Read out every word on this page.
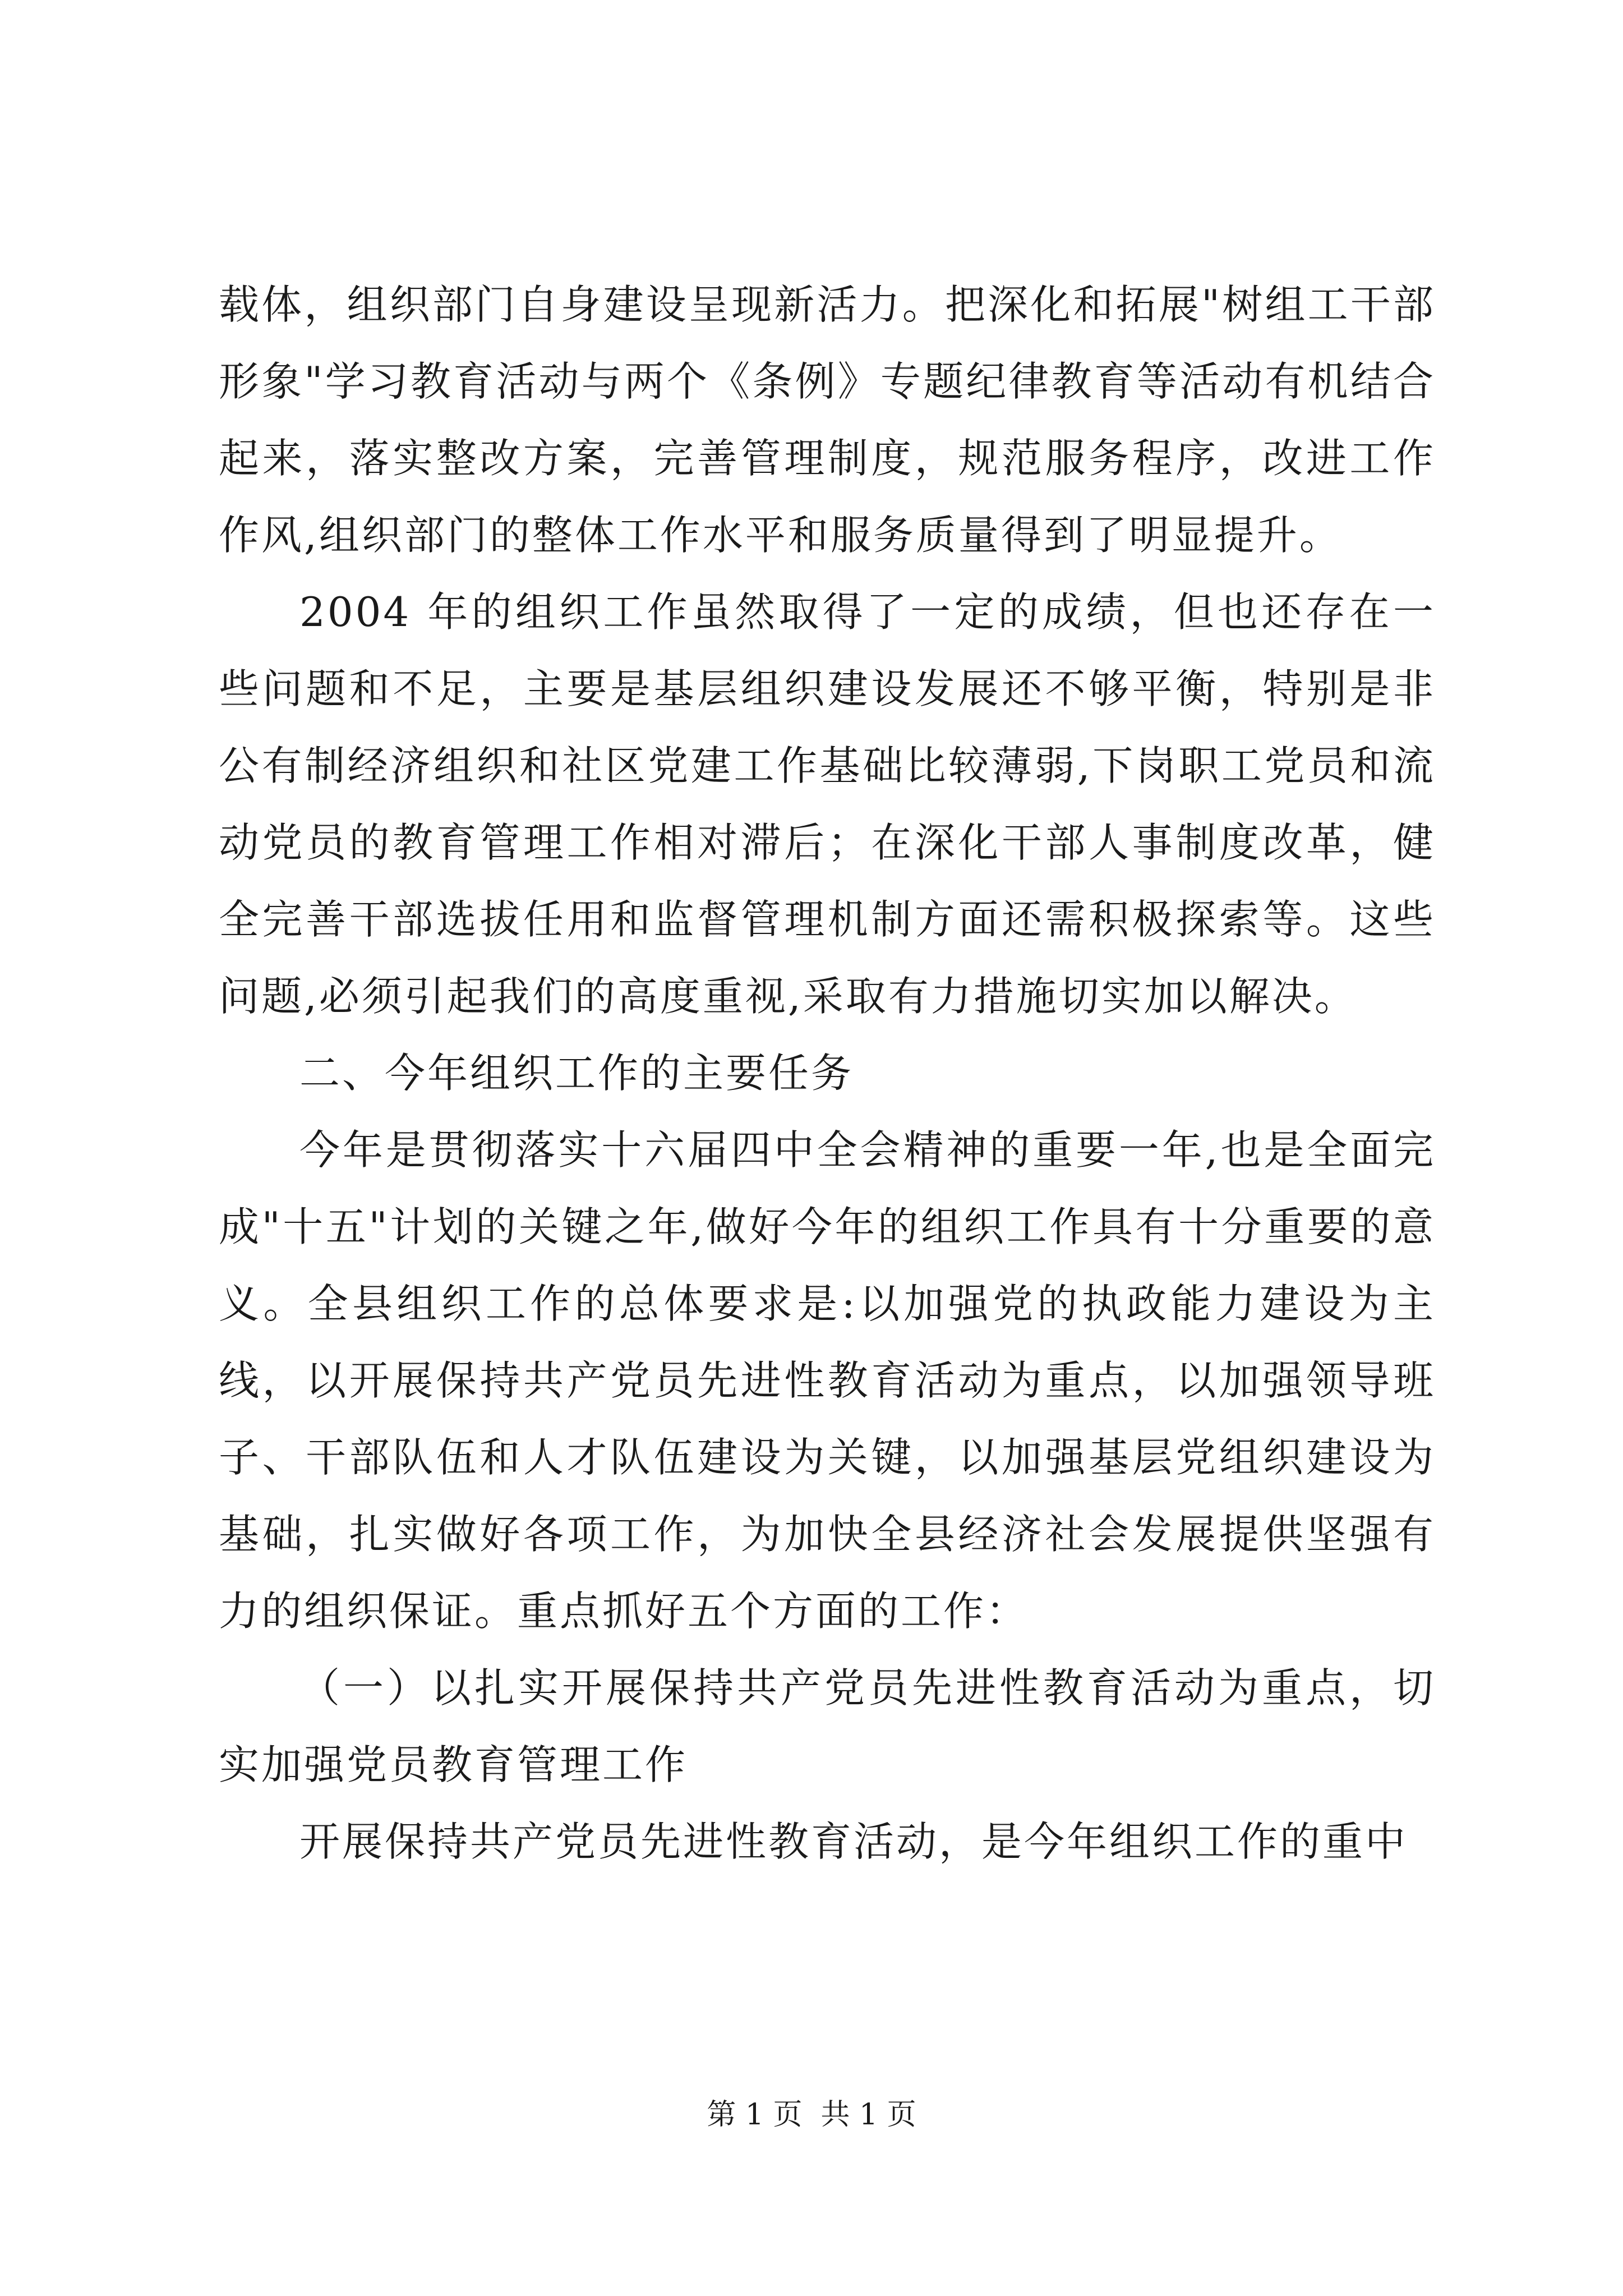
载体，组织部门自身建设呈现新活力。把深化和拓展"树组工干部形象"学习教育活动与两个《条例》专题纪律教育等活动有机结合起来，落实整改方案，完善管理制度，规范服务程序，改进工作作风,组织部门的整体工作水平和服务质量得到了明显提升。

2004 年的组织工作虽然取得了一定的成绩，但也还存在一些问题和不足，主要是基层组织建设发展还不够平衡，特别是非公有制经济组织和社区党建工作基础比较薄弱,下岗职工党员和流动党员的教育管理工作相对滞后；在深化干部人事制度改革，健全完善干部选拔任用和监督管理机制方面还需积极探索等。这些问题,必须引起我们的高度重视,采取有力措施切实加以解决。

二、今年组织工作的主要任务

今年是贯彻落实十六届四中全会精神的重要一年,也是全面完成"十五"计划的关键之年,做好今年的组织工作具有十分重要的意义。全县组织工作的总体要求是:以加强党的执政能力建设为主线，以开展保持共产党员先进性教育活动为重点，以加强领导班子、干部队伍和人才队伍建设为关键，以加强基层党组织建设为基础，扎实做好各项工作，为加快全县经济社会发展提供坚强有力的组织保证。重点抓好五个方面的工作：

（一）以扎实开展保持共产党员先进性教育活动为重点，切实加强党员教育管理工作

开展保持共产党员先进性教育活动，是今年组织工作的重中

第 1 页  共 1 页
